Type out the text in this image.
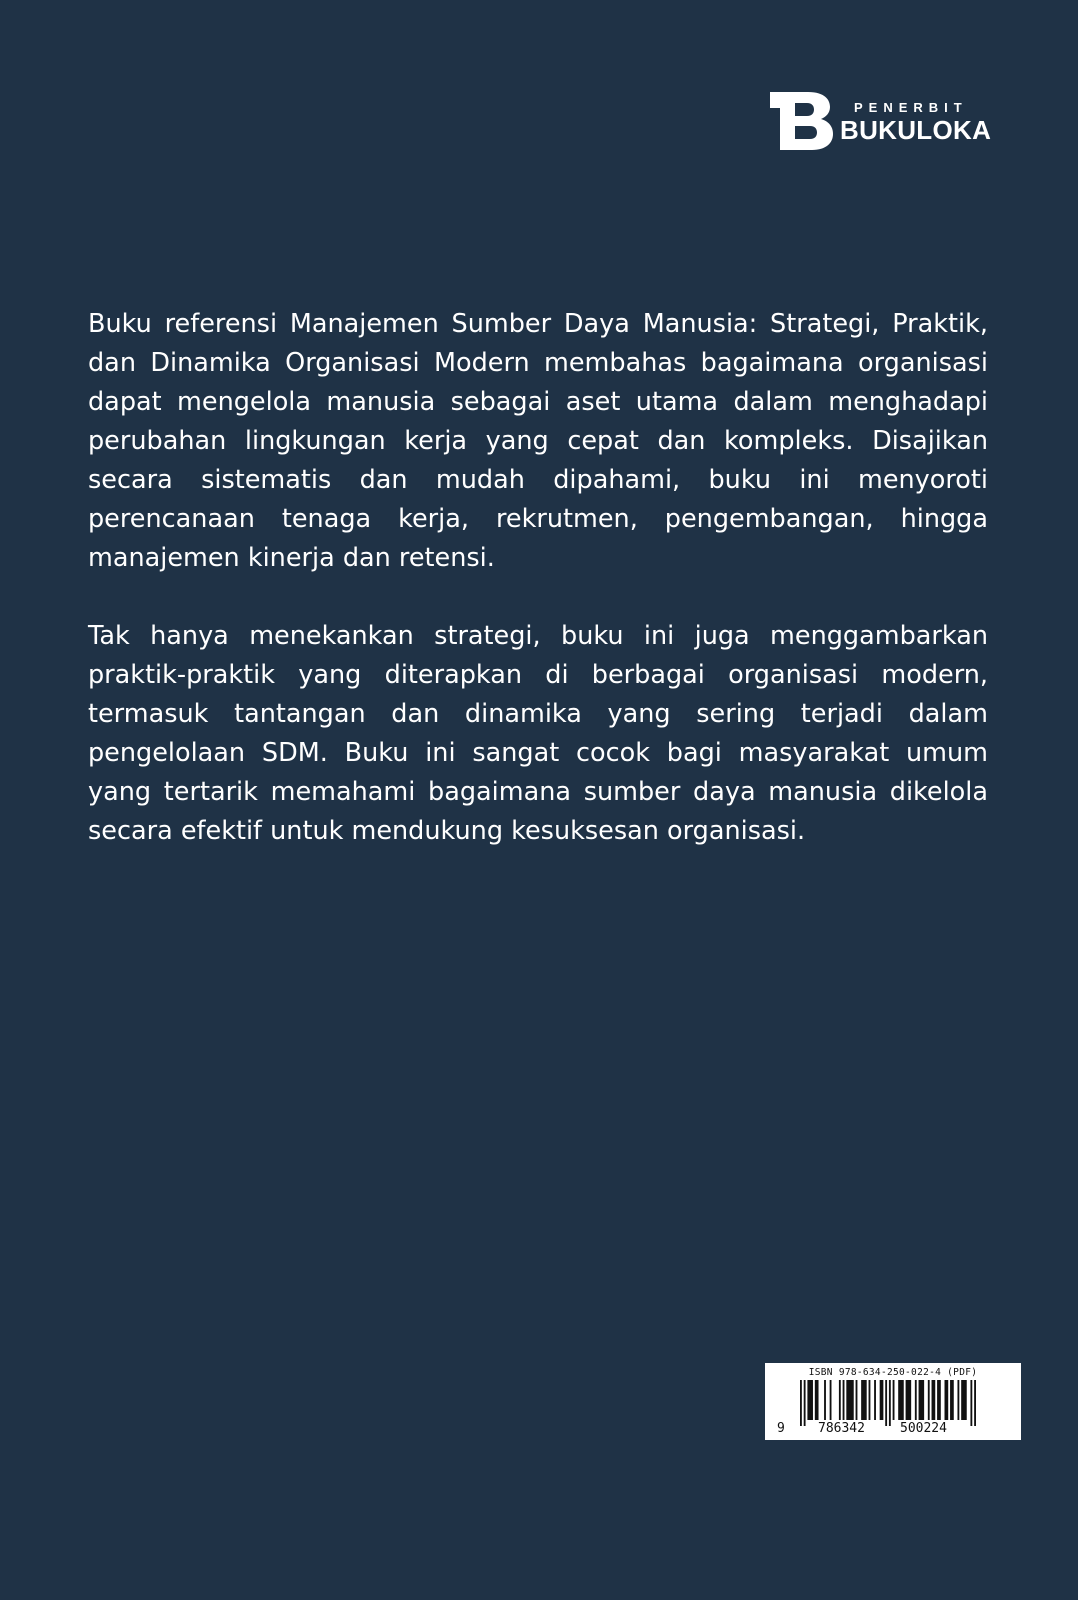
PENERBIT
BUKULOKA

Buku referensi Manajemen Sumber Daya Manusia: Strategi, Praktik, dan Dinamika Organisasi Modern membahas bagaimana organisasi dapat mengelola manusia sebagai aset utama dalam menghadapi perubahan lingkungan kerja yang cepat dan kompleks. Disajikan secara sistematis dan mudah dipahami, buku ini menyoroti perencanaan tenaga kerja, rekrutmen, pengembangan, hingga manajemen kinerja dan retensi.

Tak hanya menekankan strategi, buku ini juga menggambarkan praktik-praktik yang diterapkan di berbagai organisasi modern, termasuk tantangan dan dinamika yang sering terjadi dalam pengelolaan SDM. Buku ini sangat cocok bagi masyarakat umum yang tertarik memahami bagaimana sumber daya manusia dikelola secara efektif untuk mendukung kesuksesan organisasi.

ISBN 978-634-250-022-4 (PDF)
9	786342	500224
